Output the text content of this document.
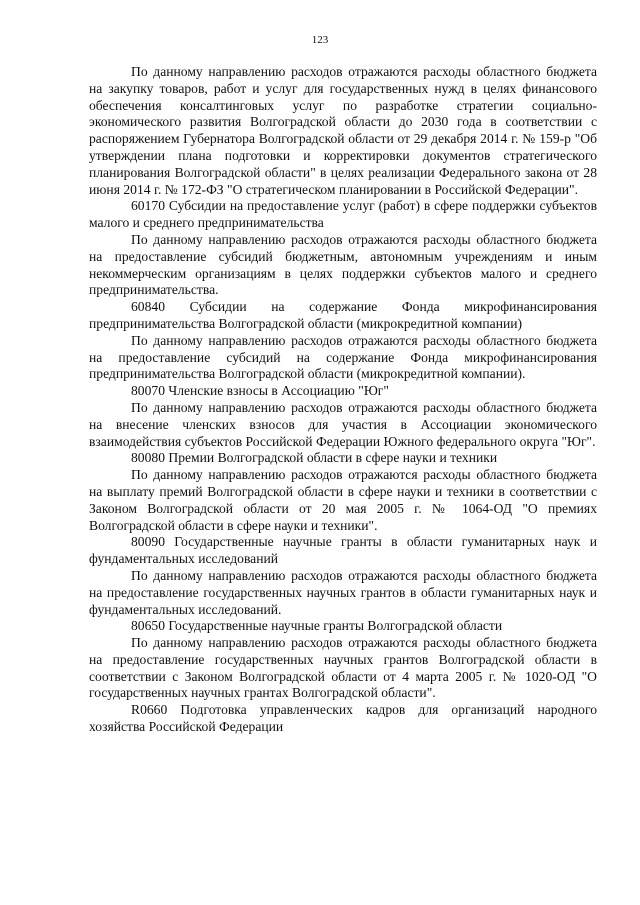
123

По данному направлению расходов отражаются расходы областного бюджета на закупку товаров, работ и услуг для государственных нужд в целях финансового обеспечения консалтинговых услуг по разработке стратегии социально-экономического развития Волгоградской области до 2030 года в соответствии с распоряжением Губернатора Волгоградской области от 29 декабря 2014 г. № 159-р "Об утверждении плана подготовки и корректировки документов стратегического планирования Волгоградской области" в целях реализации Федерального закона от 28 июня 2014 г. № 172-ФЗ "О стратегическом планировании в Российской Федерации".

60170 Субсидии на предоставление услуг (работ) в сфере поддержки субъектов малого и среднего предпринимательства

По данному направлению расходов отражаются расходы областного бюджета на предоставление субсидий бюджетным, автономным учреждениям и иным некоммерческим организациям в целях поддержки субъектов малого и среднего предпринимательства.

60840 Субсидии на содержание Фонда микрофинансирования предпринимательства Волгоградской области (микрокредитной компании)

По данному направлению расходов отражаются расходы областного бюджета на предоставление субсидий на содержание Фонда микрофинансирования предпринимательства Волгоградской области (микрокредитной компании).

80070 Членские взносы в Ассоциацию "Юг"

По данному направлению расходов отражаются расходы областного бюджета на внесение членских взносов для участия в Ассоциации экономического взаимодействия субъектов Российской Федерации Южного федерального округа "Юг".

80080 Премии Волгоградской области в сфере науки и техники

По данному направлению расходов отражаются расходы областного бюджета на выплату премий Волгоградской области в сфере науки и техники в соответствии с Законом Волгоградской области от 20 мая 2005 г. № 1064-ОД "О премиях Волгоградской области в сфере науки и техники".

80090 Государственные научные гранты в области гуманитарных наук и фундаментальных исследований

По данному направлению расходов отражаются расходы областного бюджета на предоставление государственных научных грантов в области гуманитарных наук и фундаментальных исследований.

80650 Государственные научные гранты Волгоградской области

По данному направлению расходов отражаются расходы областного бюджета на предоставление государственных научных грантов Волгоградской области в соответствии с Законом Волгоградской области от 4 марта 2005 г. № 1020-ОД "О государственных научных грантах Волгоградской области".

R0660 Подготовка управленческих кадров для организаций народного хозяйства Российской Федерации
